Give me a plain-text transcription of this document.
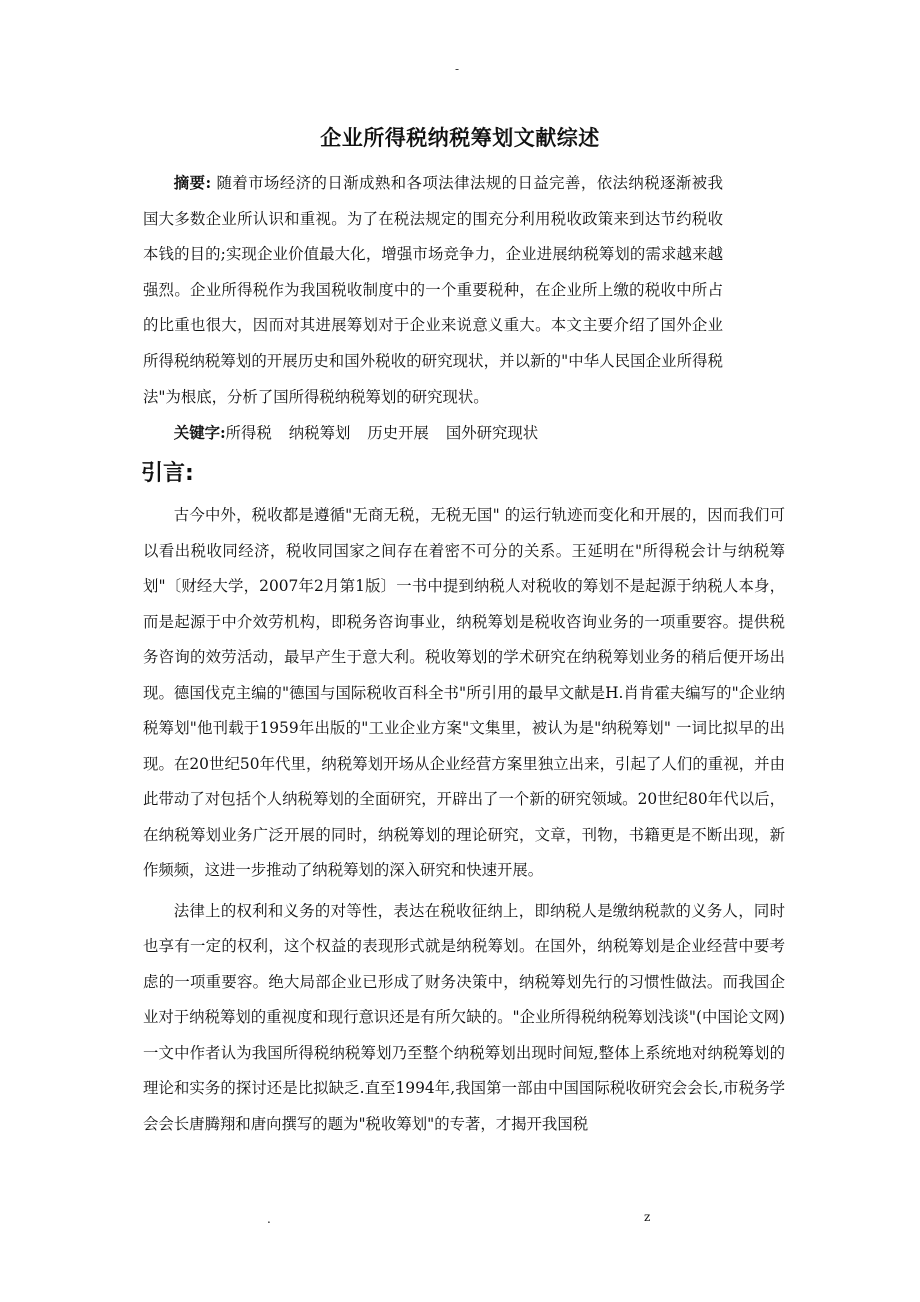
-
企业所得税纳税筹划文献综述

摘要: 随着市场经济的日渐成熟和各项法律法规的日益完善，依法纳税逐渐被我国大多数企业所认识和重视。为了在税法规定的围充分利用税收政策来到达节约税收本钱的目的;实现企业价值最大化，增强市场竞争力，企业进展纳税筹划的需求越来越强烈。企业所得税作为我国税收制度中的一个重要税种，在企业所上缴的税收中所占的比重也很大，因而对其进展筹划对于企业来说意义重大。本文主要介绍了国外企业所得税纳税筹划的开展历史和国外税收的研究现状，并以新的"中华人民国企业所得税法"为根底，分析了国所得税纳税筹划的研究现状。

关键字:所得税 纳税筹划 历史开展 国外研究现状
引言:

古今中外，税收都是遵循"无商无税，无税无国" 的运行轨迹而变化和开展的，因而我们可以看出税收同经济，税收同国家之间存在着密不可分的关系。王延明在"所得税会计与纳税筹划"〔财经大学，2007年2月第1版〕一书中提到纳税人对税收的筹划不是起源于纳税人本身，而是起源于中介效劳机构，即税务咨询事业，纳税筹划是税收咨询业务的一项重要容。提供税务咨询的效劳活动，最早产生于意大利。税收筹划的学术研究在纳税筹划业务的稍后便开场出现。德国伐克主编的"德国与国际税收百科全书"所引用的最早文献是H.肖肯霍夫编写的"企业纳税筹划"他刊载于1959年出版的"工业企业方案"文集里，被认为是"纳税筹划" 一词比拟早的出现。在20世纪50年代里，纳税筹划开场从企业经营方案里独立出来，引起了人们的重视，并由此带动了对包括个人纳税筹划的全面研究，开辟出了一个新的研究领域。20世纪80年代以后，在纳税筹划业务广泛开展的同时，纳税筹划的理论研究，文章，刊物，书籍更是不断出现，新作频频，这进一步推动了纳税筹划的深入研究和快速开展。

法律上的权利和义务的对等性，表达在税收征纳上，即纳税人是缴纳税款的义务人，同时也享有一定的权利，这个权益的表现形式就是纳税筹划。在国外，纳税筹划是企业经营中要考虑的一项重要容。绝大局部企业已形成了财务决策中，纳税筹划先行的习惯性做法。而我国企业对于纳税筹划的重视度和现行意识还是有所欠缺的。"企业所得税纳税筹划浅谈"(中国论文网)一文中作者认为我国所得税纳税筹划乃至整个纳税筹划出现时间短,整体上系统地对纳税筹划的理论和实务的探讨还是比拟缺乏.直至1994年,我国第一部由中国国际税收研究会会长,市税务学会会长唐腾翔和唐向撰写的题为"税收筹划"的专著，才揭开我国税

.	z
